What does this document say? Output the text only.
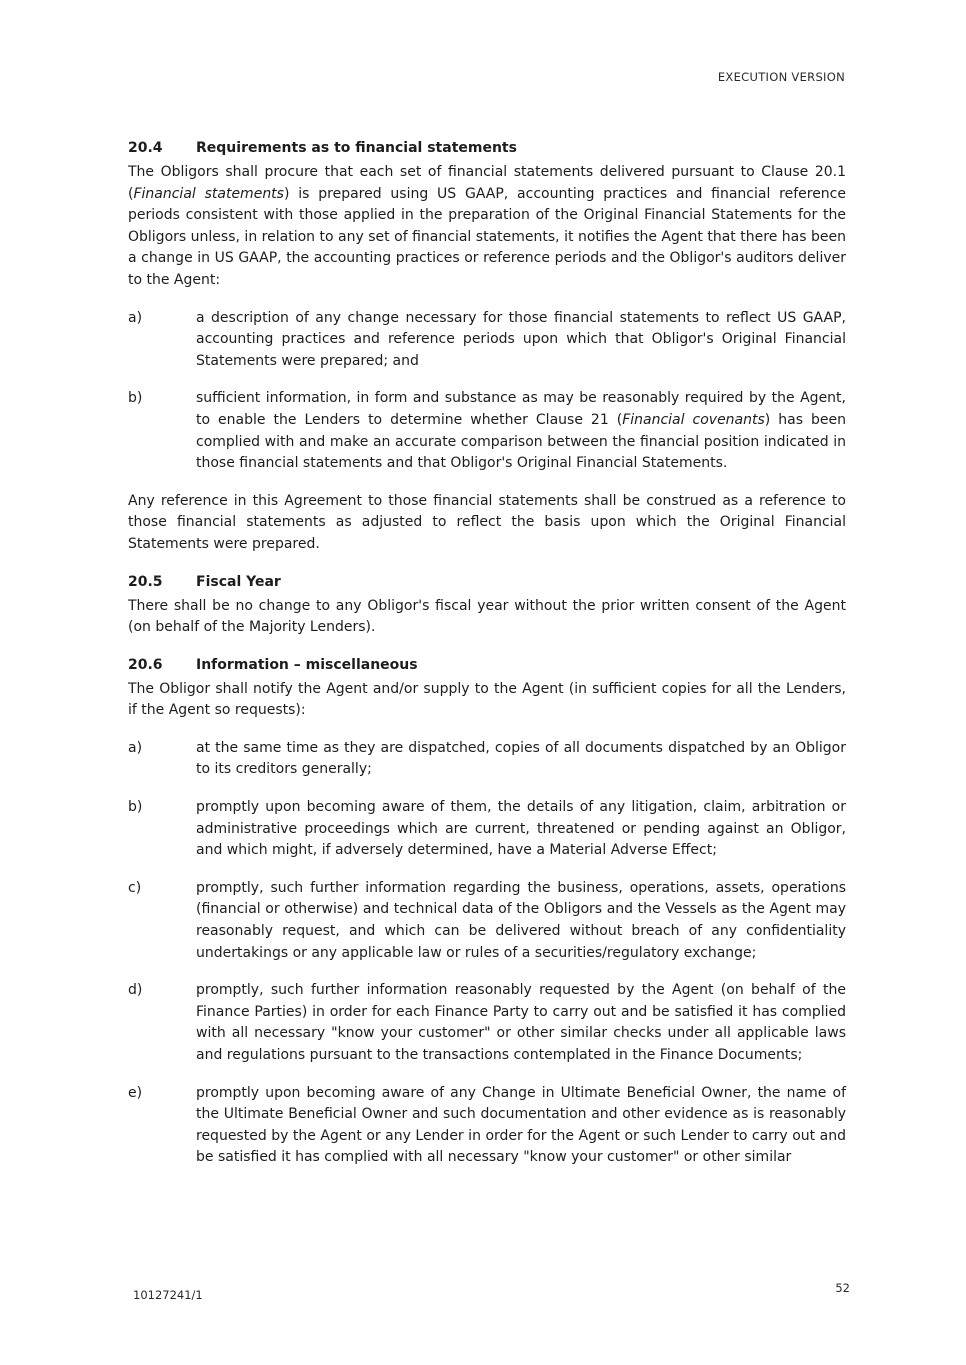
EXECUTION VERSION
20.4	Requirements as to financial statements

The Obligors shall procure that each set of financial statements delivered pursuant to Clause 20.1 (Financial statements) is prepared using US GAAP, accounting practices and financial reference periods consistent with those applied in the preparation of the Original Financial Statements for the Obligors unless, in relation to any set of financial statements, it notifies the Agent that there has been a change in US GAAP, the accounting practices or reference periods and the Obligor's auditors deliver to the Agent:

a)	a description of any change necessary for those financial statements to reflect US GAAP, accounting practices and reference periods upon which that Obligor's Original Financial Statements were prepared; and
b)	sufficient information, in form and substance as may be reasonably required by the Agent, to enable the Lenders to determine whether Clause 21 (Financial covenants) has been complied with and make an accurate comparison between the financial position indicated in those financial statements and that Obligor's Original Financial Statements.

Any reference in this Agreement to those financial statements shall be construed as a reference to those financial statements as adjusted to reflect the basis upon which the Original Financial Statements were prepared.

20.5	Fiscal Year

There shall be no change to any Obligor's fiscal year without the prior written consent of the Agent (on behalf of the Majority Lenders).

20.6	Information – miscellaneous

The Obligor shall notify the Agent and/or supply to the Agent (in sufficient copies for all the Lenders, if the Agent so requests):

a)	at the same time as they are dispatched, copies of all documents dispatched by an Obligor to its creditors generally;
b)	promptly upon becoming aware of them, the details of any litigation, claim, arbitration or administrative proceedings which are current, threatened or pending against an Obligor, and which might, if adversely determined, have a Material Adverse Effect;
c)	promptly, such further information regarding the business, operations, assets, operations (financial or otherwise) and technical data of the Obligors and the Vessels as the Agent may reasonably request, and which can be delivered without breach of any confidentiality undertakings or any applicable law or rules of a securities/regulatory exchange;
d)	promptly, such further information reasonably requested by the Agent (on behalf of the Finance Parties) in order for each Finance Party to carry out and be satisfied it has complied with all necessary "know your customer" or other similar checks under all applicable laws and regulations pursuant to the transactions contemplated in the Finance Documents;
e)	promptly upon becoming aware of any Change in Ultimate Beneficial Owner, the name of the Ultimate Beneficial Owner and such documentation and other evidence as is reasonably requested by the Agent or any Lender in order for the Agent or such Lender to carry out and be satisfied it has complied with all necessary "know your customer" or other similar
10127241/1	52
